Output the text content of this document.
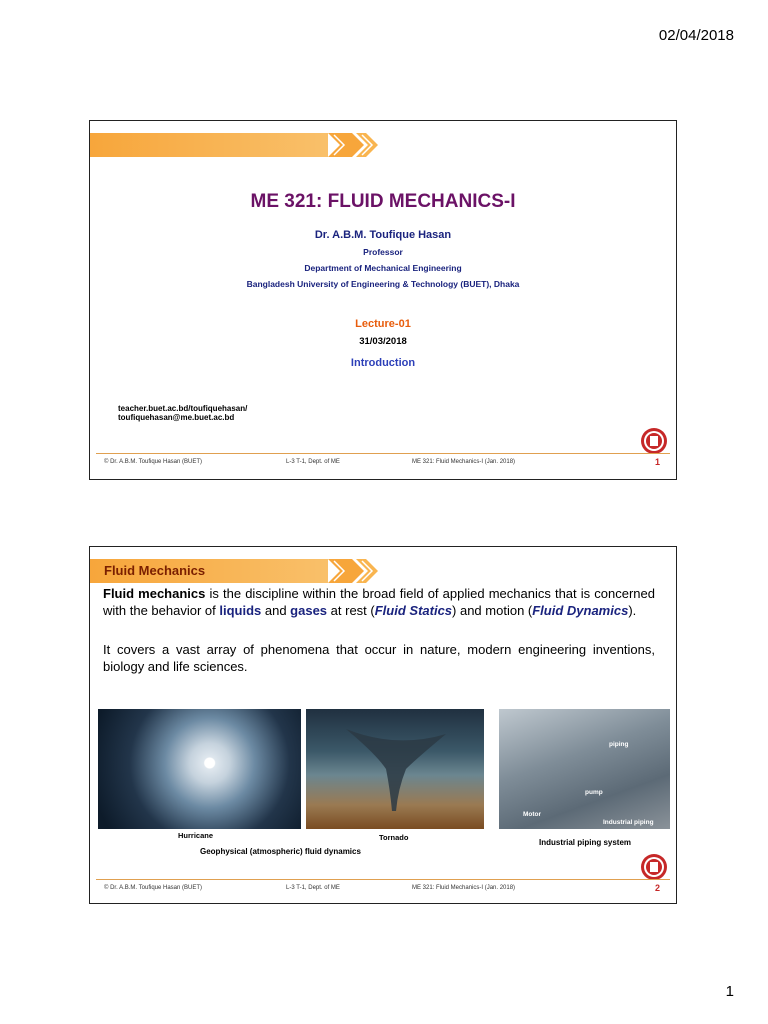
02/04/2018
ME 321: FLUID MECHANICS-I
Dr. A.B.M. Toufique Hasan
Professor
Department of Mechanical Engineering
Bangladesh University of Engineering & Technology (BUET), Dhaka
Lecture-01
31/03/2018
Introduction
teacher.buet.ac.bd/toufiquehasan/
toufiquehasan@me.buet.ac.bd
© Dr. A.B.M. Toufique Hasan (BUET)	L-3 T-1, Dept. of ME	ME 321: Fluid Mechanics-I (Jan. 2018)	1
Fluid Mechanics
Fluid mechanics is the discipline within the broad field of applied mechanics that is concerned with the behavior of liquids and gases at rest (Fluid Statics) and motion (Fluid Dynamics).
It covers a vast array of phenomena that occur in nature, modern engineering inventions, biology and life sciences.
piping
pump
Motor
Industrial piping
Hurricane	Tornado
Geophysical (atmospheric) fluid dynamics
Industrial piping system
© Dr. A.B.M. Toufique Hasan (BUET)	L-3 T-1, Dept. of ME	ME 321: Fluid Mechanics-I (Jan. 2018)	2
1
